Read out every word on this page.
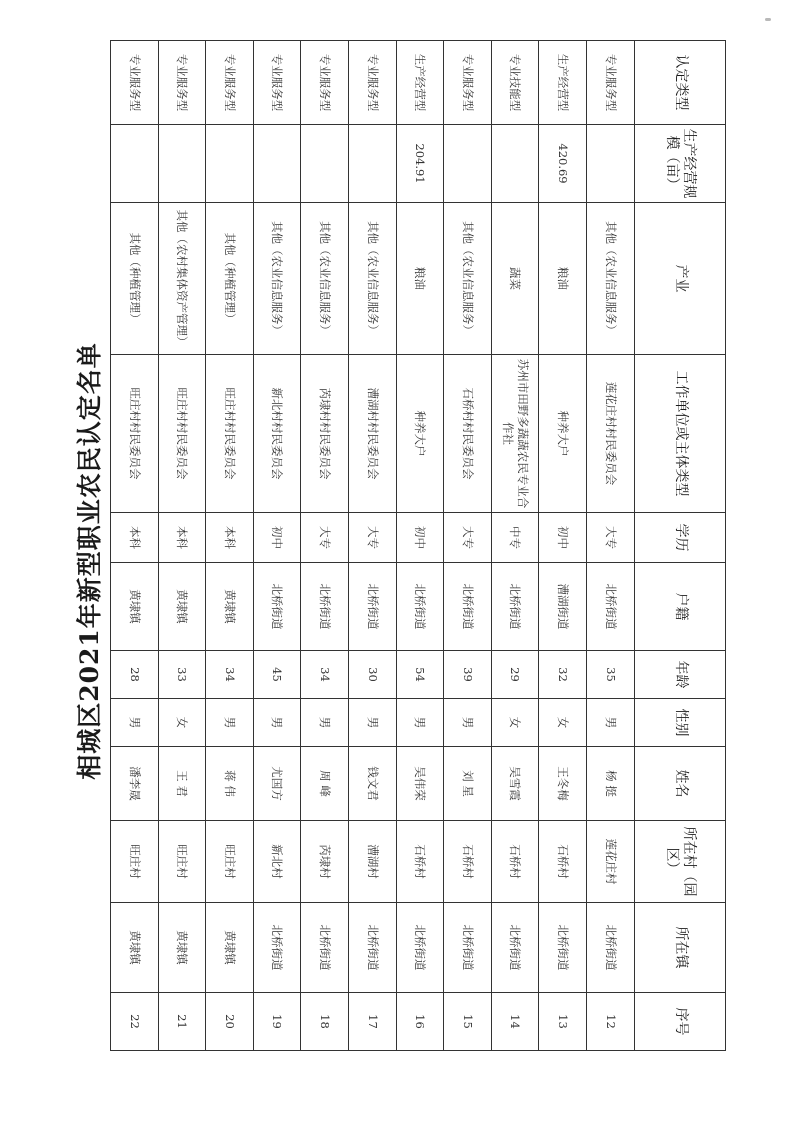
相城区2021年新型职业农民认定名单
认定类型	生产经营规模（亩）	产业	工作单位或主体类型	学历	户籍	年龄	性别	姓名	所在村（园区）	所在镇	序号
专业服务型		其他（农业信息服务）	莲花庄村村民委员会	大专	北桥街道	35	男	杨 挺	莲花庄村	北桥街道	12
生产经营型	420.69	粮油	种养大户	初中	漕湖街道	32	女	王冬梅	石桥村	北桥街道	13
专业技能型		蔬菜	苏州市田野多蔬蔬农民专业合作社	中专	北桥街道	29	女	吴雪霞	石桥村	北桥街道	14
专业服务型		其他（农业信息服务）	石桥村村民委员会	大专	北桥街道	39	男	刘 星	石桥村	北桥街道	15
生产经营型	204.91	粮油	种养大户	初中	北桥街道	54	男	吴伟荣	石桥村	北桥街道	16
专业服务型		其他（农业信息服务）	漕湖村村民委员会	大专	北桥街道	30	男	钱文君	漕湖村	北桥街道	17
专业服务型		其他（农业信息服务）	芮埭村村民委员会	大专	北桥街道	34	男	周 峰	芮埭村	北桥街道	18
专业服务型		其他（农业信息服务）	新北村村民委员会	初中	北桥街道	45	男	尤国方	新北村	北桥街道	19
专业服务型		其他（种植管理）	旺庄村村民委员会	本科	黄埭镇	34	男	蒋 伟	旺庄村	黄埭镇	20
专业服务型		其他（农村集体资产管理）	旺庄村村民委员会	本科	黄埭镇	33	女	王 君	旺庄村	黄埭镇	21
专业服务型		其他（种植管理）	旺庄村村民委员会	本科	黄埭镇	28	男	潘李晟	旺庄村	黄埭镇	22
